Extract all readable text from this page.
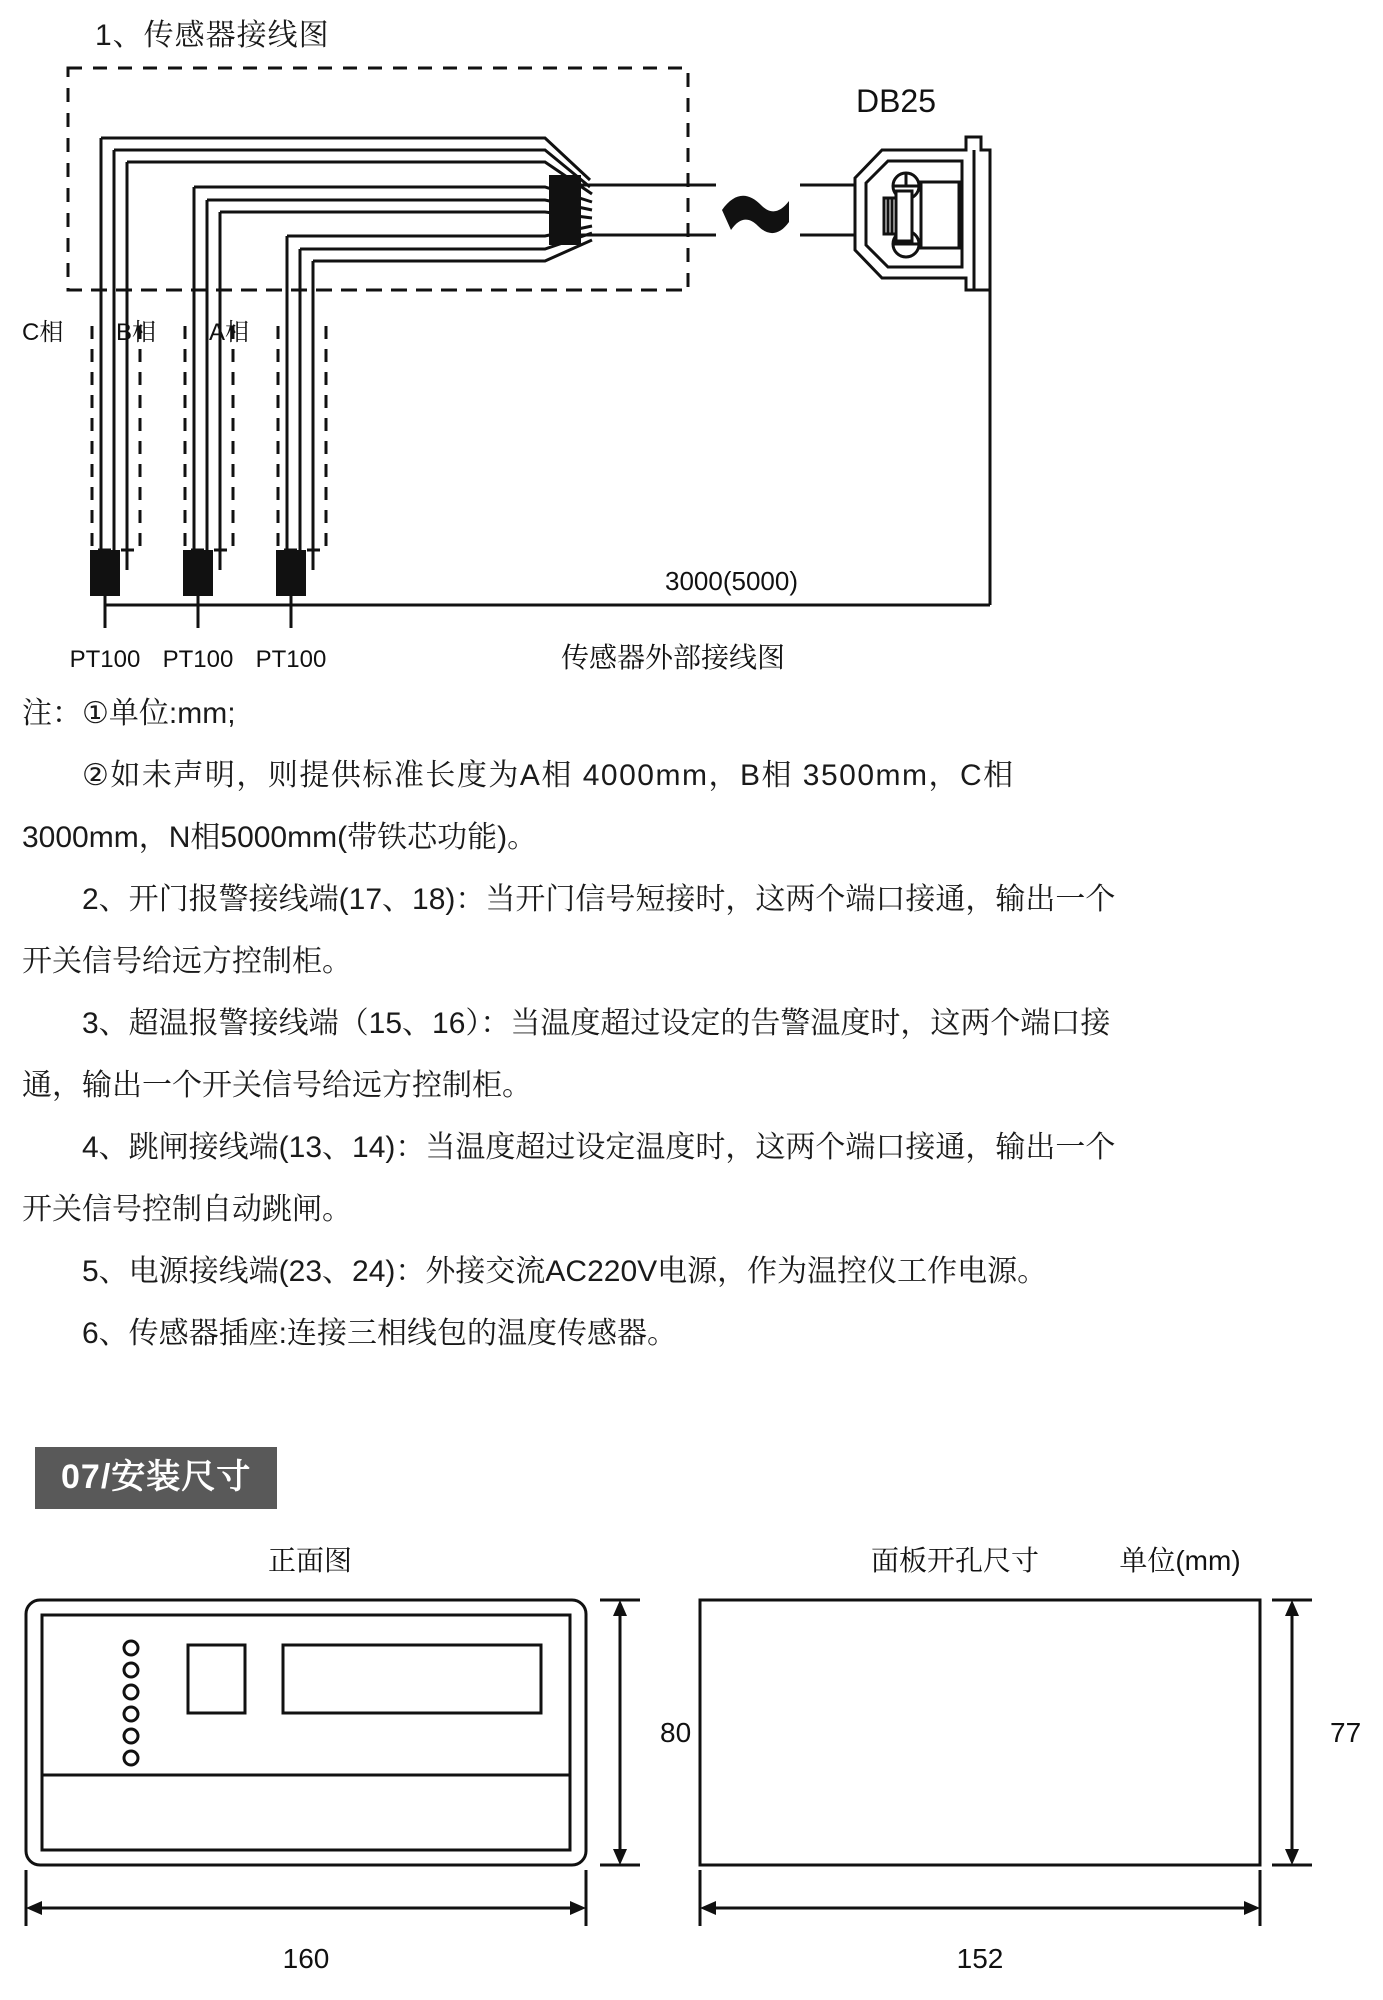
1、传感器接线图
DB25
C相 B相 A相
PT100 PT100 PT100
3000(5000)
传感器外部接线图

注：①单位:mm;

②如未声明，则提供标准长度为A相 4000mm，B相 3500mm，C相

3000mm，N相5000mm(带铁芯功能)。

2、开门报警接线端(17、18)：当开门信号短接时，这两个端口接通，输出一个

开关信号给远方控制柜。

3、超温报警接线端（15、16）：当温度超过设定的告警温度时，这两个端口接

通，输出一个开关信号给远方控制柜。

4、跳闸接线端(13、14)：当温度超过设定温度时，这两个端口接通，输出一个

开关信号控制自动跳闸。

5、电源接线端(23、24)：外接交流AC220V电源，作为温控仪工作电源。

6、传感器插座:连接三相线包的温度传感器。

07/安装尺寸
正面图	面板开孔尺寸	单位(mm)
80
160
77
152
